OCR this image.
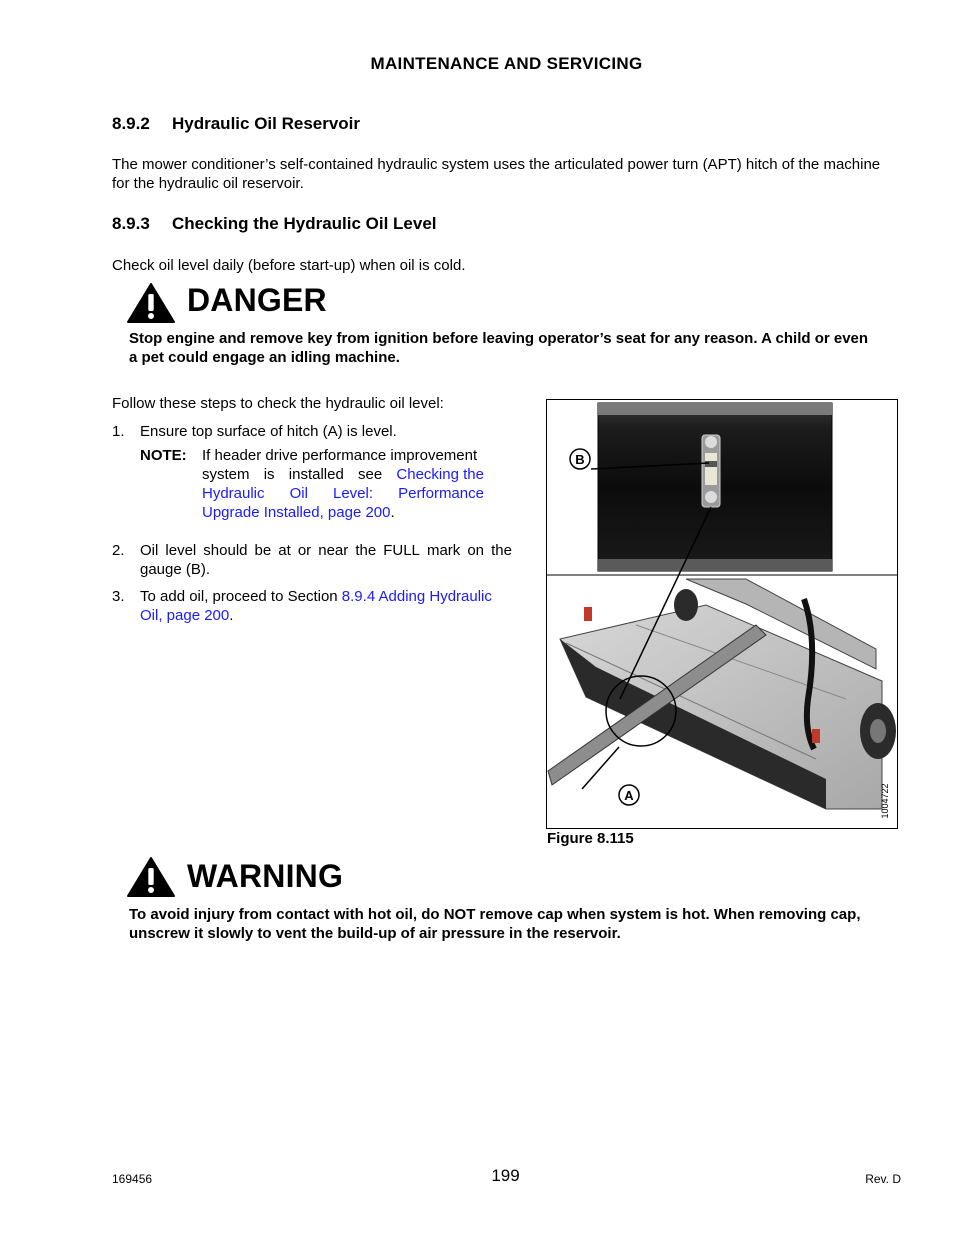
MAINTENANCE AND SERVICING
8.9.2 Hydraulic Oil Reservoir
The mower conditioner’s self-contained hydraulic system uses the articulated power turn (APT) hitch of the machine
for the hydraulic oil reservoir.
8.9.3 Checking the Hydraulic Oil Level
Check oil level daily (before start-up) when oil is cold.
DANGER
Stop engine and remove key from ignition before leaving operator’s seat for any reason. A child or even
a pet could engage an idling machine.
Follow these steps to check the hydraulic oil level:
1. Ensure top surface of hitch (A) is level.
NOTE: If header drive performance improvement
system is installed see Checking the
Hydraulic Oil Level: Performance
Upgrade Installed, page 200.
2. Oil level should be at or near the FULL mark on the
gauge (B).
3. To add oil, proceed to Section 8.9.4 Adding Hydraulic
Oil, page 200.
B
A	1004722
Figure 8.115
WARNING
To avoid injury from contact with hot oil, do NOT remove cap when system is hot. When removing cap,
unscrew it slowly to vent the build-up of air pressure in the reservoir.
169456	199	Rev. D
